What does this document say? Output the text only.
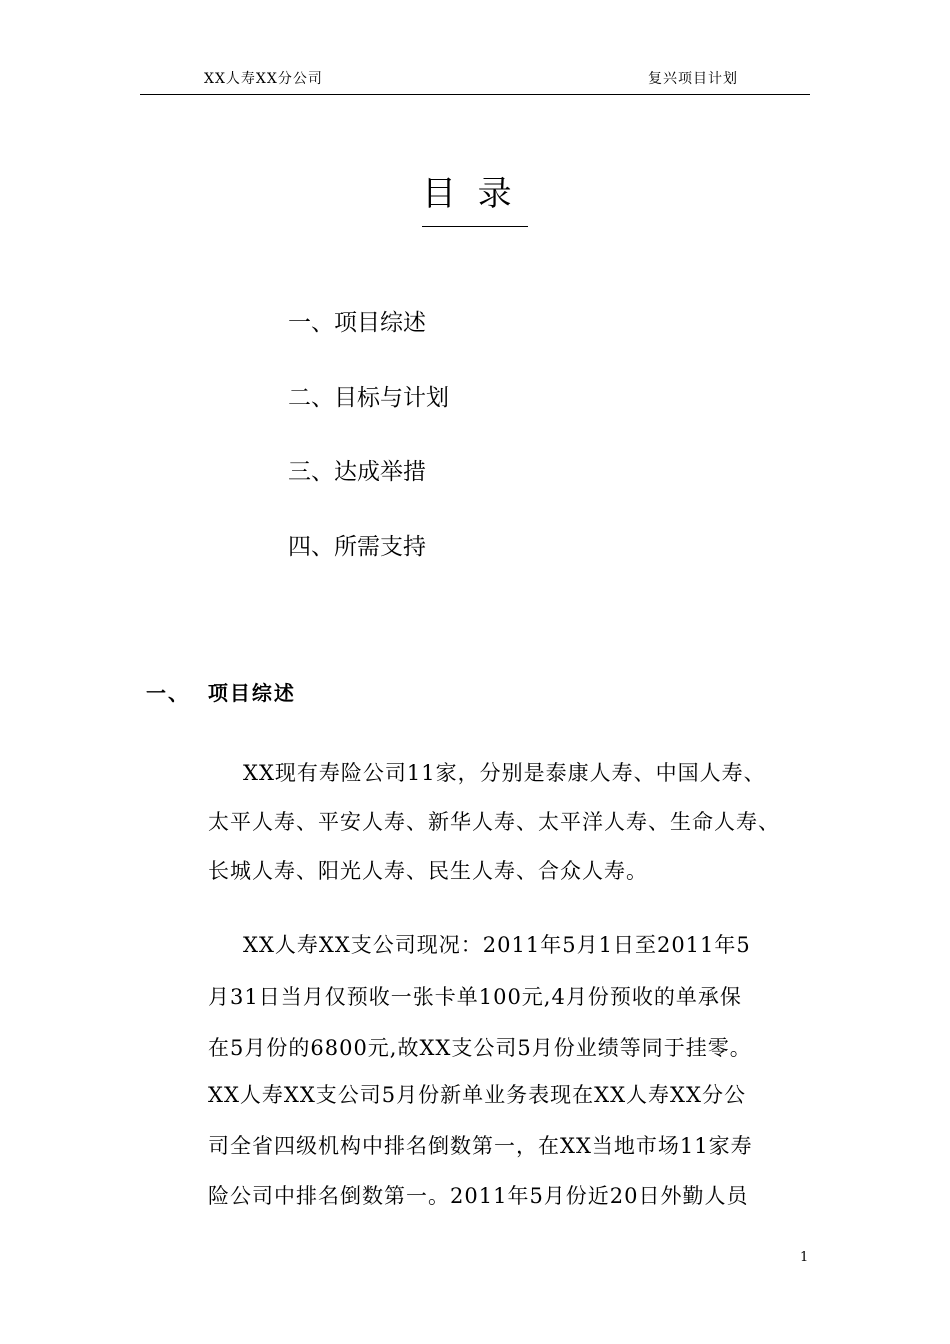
XX人寿XX分公司	复兴项目计划
目  录
一、项目综述
二、目标与计划
三、达成举措
四、所需支持
一、  项目综述
XX现有寿险公司11家，分别是泰康人寿、中国人寿、
太平人寿、平安人寿、新华人寿、太平洋人寿、生命人寿、
长城人寿、阳光人寿、民生人寿、合众人寿。
XX人寿XX支公司现况：2011年5月1日至2011年5
月31日当月仅预收一张卡单100元,4月份预收的单承保
在5月份的6800元,故XX支公司5月份业绩等同于挂零。
XX人寿XX支公司5月份新单业务表现在XX人寿XX分公
司全省四级机构中排名倒数第一，在XX当地市场11家寿
险公司中排名倒数第一。2011年5月份近20日外勤人员
1
